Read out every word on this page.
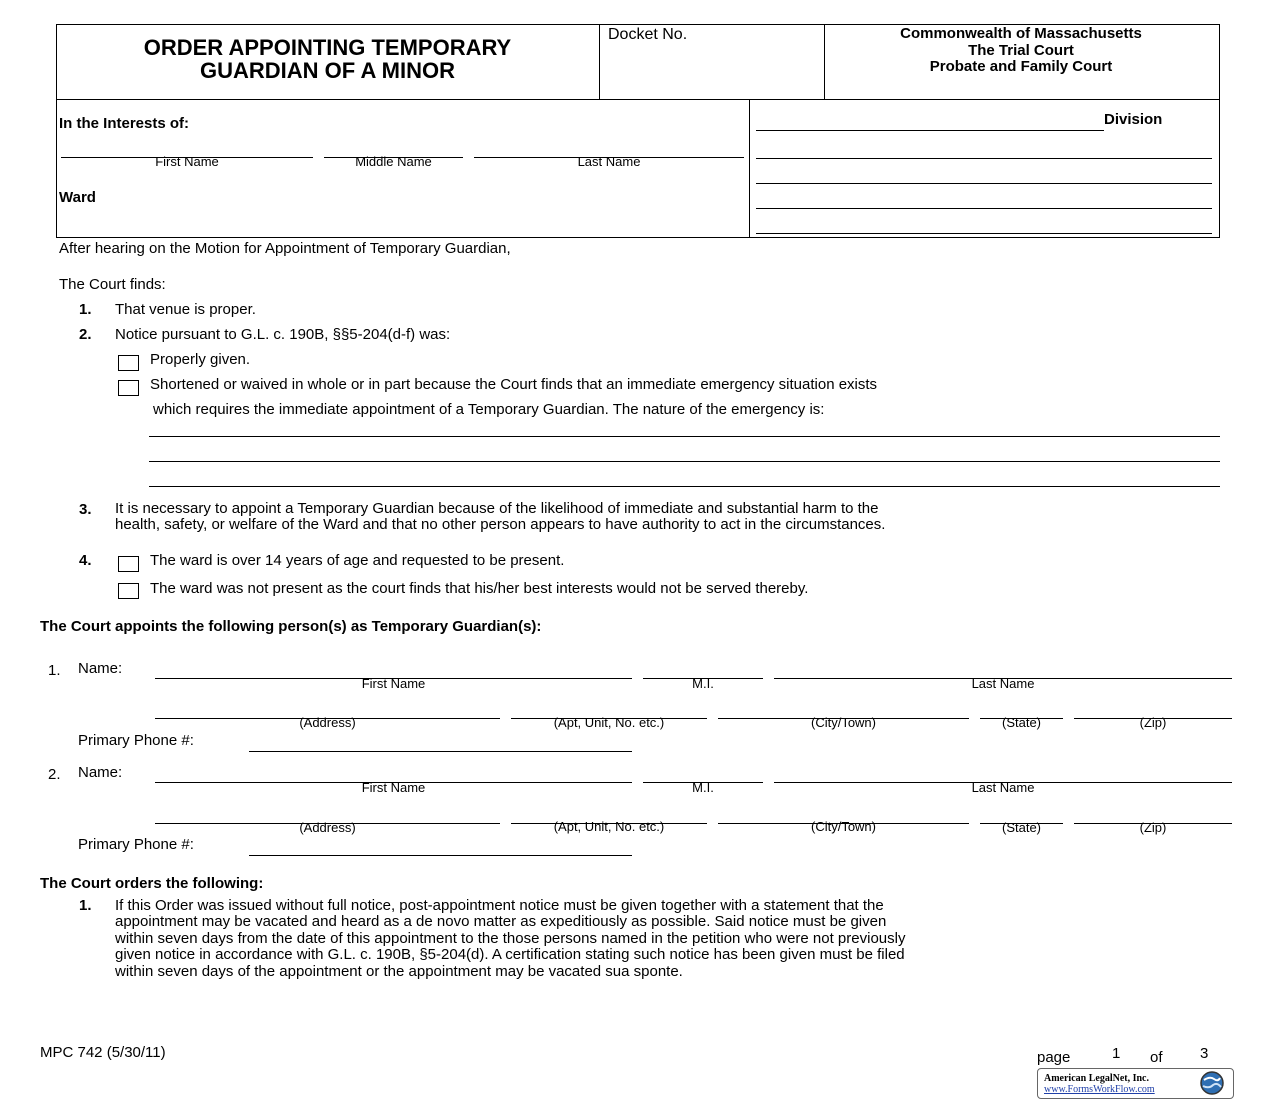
ORDER APPOINTING TEMPORARY
GUARDIAN OF A MINOR
Docket No.	Commonwealth of Massachusetts
The Trial Court
Probate and Family Court
In the Interests of:
First Name	Middle Name	Last Name
Ward
Division
After hearing on the Motion for Appointment of Temporary Guardian,
The Court finds:
1. That venue is proper.
2. Notice pursuant to G.L. c. 190B, §§5-204(d-f) was:
Properly given.
Shortened or waived in whole or in part because the Court finds that an immediate emergency situation exists
which requires the immediate appointment of a Temporary Guardian. The nature of the emergency is:
3. It is necessary to appoint a Temporary Guardian because of the likelihood of immediate and substantial harm to the
health, safety, or welfare of the Ward and that no other person appears to have authority to act in the circumstances.
4.	The ward is over 14 years of age and requested to be present.
The ward was not present as the court finds that his/her best interests would not be served thereby.
The Court appoints the following person(s) as Temporary Guardian(s):
1. Name:
First Name	M.I.	Last Name
(Address)	(Apt, Unit, No. etc.)	(City/Town)	(State)	(Zip)
Primary Phone #:
2. Name:
First Name	M.I.	Last Name
(Address)	(Apt, Unit, No. etc.)	(City/Town)	(State)	(Zip)
Primary Phone #:
The Court orders the following:
1. If this Order was issued without full notice, post-appointment notice must be given together with a statement that the
appointment may be vacated and heard as a de novo matter as expeditiously as possible. Said notice must be given
within seven days from the date of this appointment to the those persons named in the petition who were not previously
given notice in accordance with G.L. c. 190B, §5-204(d). A certification stating such notice has been given must be filed
within seven days of the appointment or the appointment may be vacated sua sponte.
MPC 742 (5/30/11)	page	1 of 3
American LegalNet, Inc.
www.FormsWorkFlow.com
